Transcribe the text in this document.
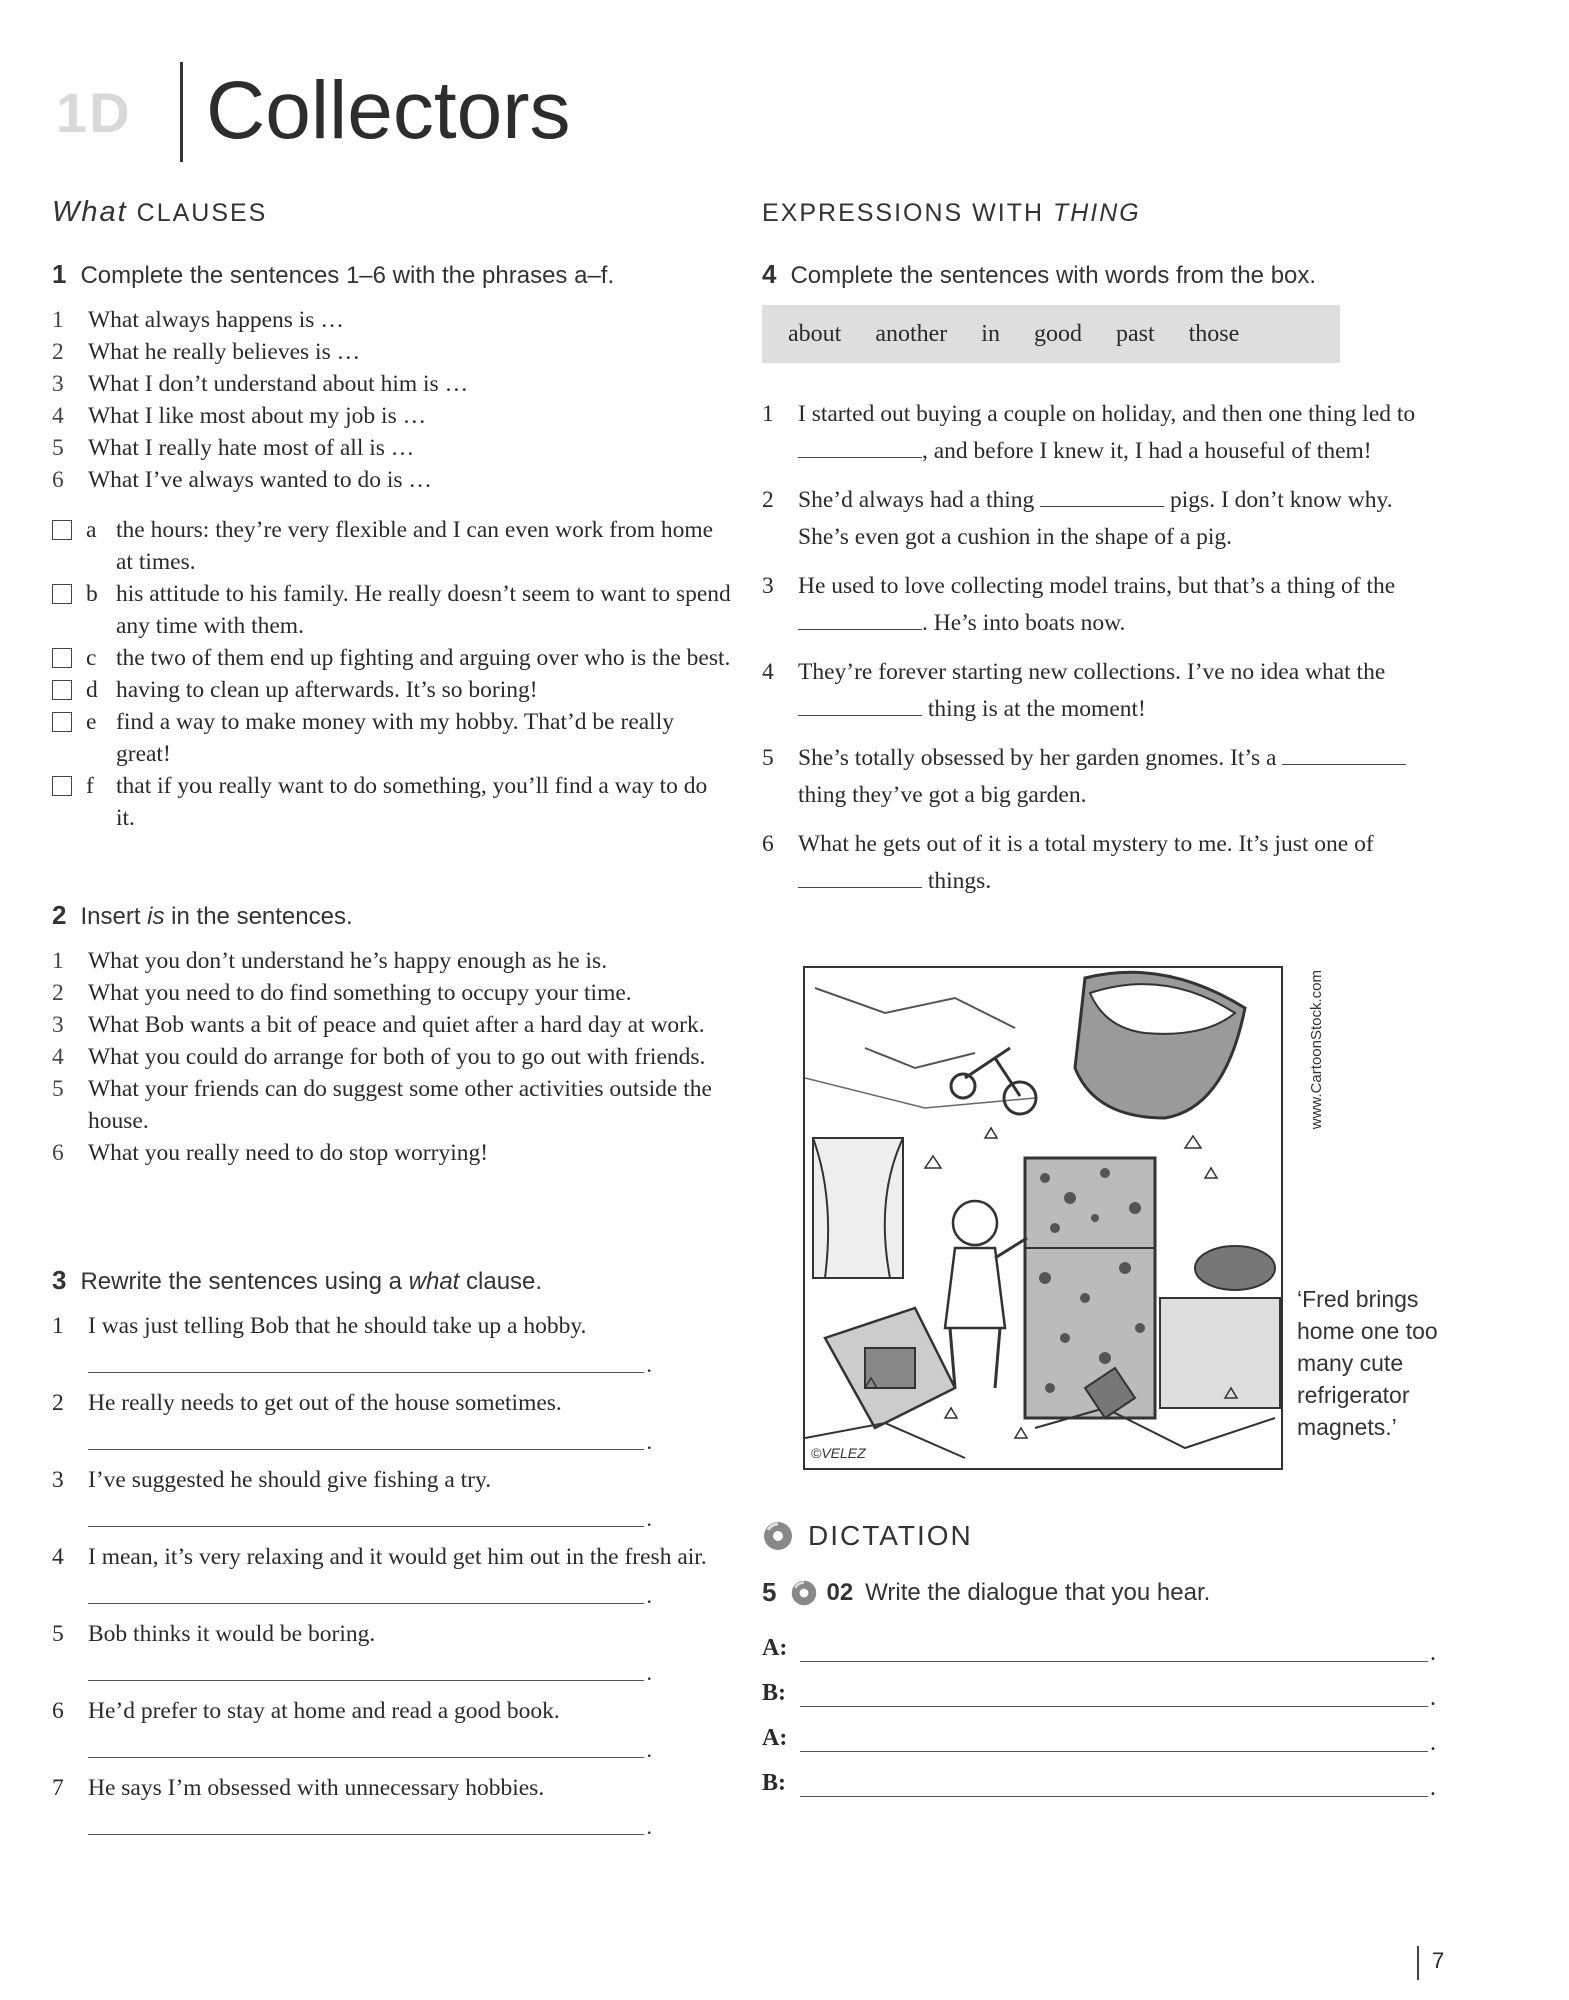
1D Collectors
What CLAUSES
1 Complete the sentences 1–6 with the phrases a–f.
1	What always happens is …
2	What he really believes is …
3	What I don’t understand about him is …
4	What I like most about my job is …
5	What I really hate most of all is …
6	What I’ve always wanted to do is …
a the hours: they’re very flexible and I can even work from home at times.
b his attitude to his family. He really doesn’t seem to want to spend any time with them.
c the two of them end up fighting and arguing over who is the best.
d having to clean up afterwards. It’s so boring!
e find a way to make money with my hobby. That’d be really great!
f that if you really want to do something, you’ll find a way to do it.
2 Insert is in the sentences.
1	What you don’t understand he’s happy enough as he is.
2	What you need to do find something to occupy your time.
3	What Bob wants a bit of peace and quiet after a hard day at work.
4	What you could do arrange for both of you to go out with friends.
5	What your friends can do suggest some other activities outside the house.
6	What you really need to do stop worrying!
3 Rewrite the sentences using a what clause.
1	I was just telling Bob that he should take up a hobby.
.
2	He really needs to get out of the house sometimes.
.
3	I’ve suggested he should give fishing a try.
.
4	I mean, it’s very relaxing and it would get him out in the fresh air.
.
5	Bob thinks it would be boring.
.
6	He’d prefer to stay at home and read a good book.
.
7	He says I’m obsessed with unnecessary hobbies.
.
EXPRESSIONS WITH THING
4 Complete the sentences with words from the box.
about another in good past those
1	I started out buying a couple on holiday, and then one thing led to , and before I knew it, I had a houseful of them!
2	She’d always had a thing	pigs. I don’t know why. She’s even got a cushion in the shape of a pig.
3	He used to love collecting model trains, but that’s a thing of the . He’s into boats now.
4	They’re forever starting new collections. I’ve no idea what the  thing is at the moment!
5	She’s totally obsessed by her garden gnomes. It’s a  thing they’ve got a big garden.
6	What he gets out of it is a total mystery to me. It’s just one of  things.
©VELEZ
www.CartoonStock.com
‘Fred brings home one too many cute refrigerator magnets.’
DICTATION
5 02 Write the dialogue that you hear.
A:
.
B:
.
A:
.
B:
.
7
